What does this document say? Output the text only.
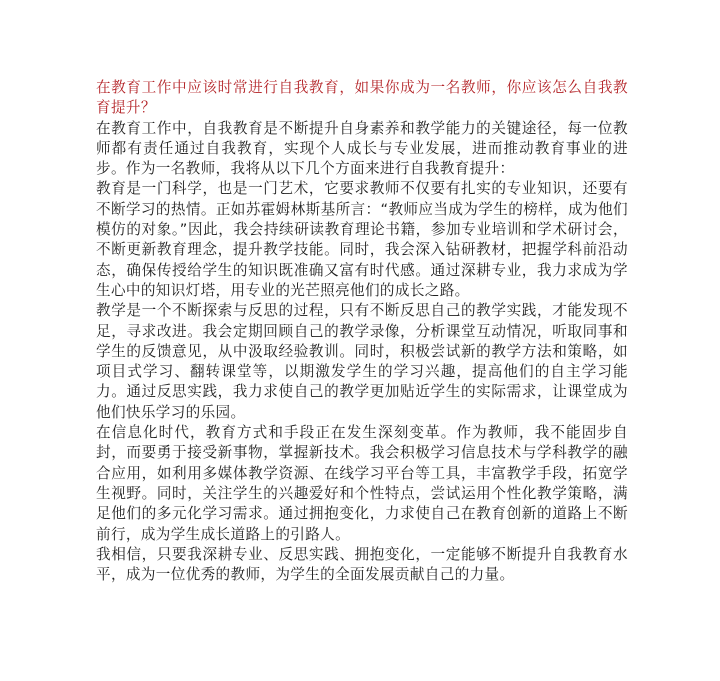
在教育工作中应该时常进行自我教育，如果你成为一名教师，你应该怎么自我教育提升？

在教育工作中，自我教育是不断提升自身素养和教学能力的关键途径，每一位教师都有责任通过自我教育，实现个人成长与专业发展，进而推动教育事业的进步。作为一名教师，我将从以下几个方面来进行自我教育提升：

教育是一门科学，也是一门艺术，它要求教师不仅要有扎实的专业知识，还要有不断学习的热情。正如苏霍姆林斯基所言：“教师应当成为学生的榜样，成为他们模仿的对象。”因此，我会持续研读教育理论书籍，参加专业培训和学术研讨会，不断更新教育理念，提升教学技能。同时，我会深入钻研教材，把握学科前沿动态，确保传授给学生的知识既准确又富有时代感。通过深耕专业，我力求成为学生心中的知识灯塔，用专业的光芒照亮他们的成长之路。

教学是一个不断探索与反思的过程，只有不断反思自己的教学实践，才能发现不足，寻求改进。我会定期回顾自己的教学录像，分析课堂互动情况，听取同事和学生的反馈意见，从中汲取经验教训。同时，积极尝试新的教学方法和策略，如项目式学习、翻转课堂等，以期激发学生的学习兴趣，提高他们的自主学习能力。通过反思实践，我力求使自己的教学更加贴近学生的实际需求，让课堂成为他们快乐学习的乐园。

在信息化时代，教育方式和手段正在发生深刻变革。作为教师，我不能固步自封，而要勇于接受新事物，掌握新技术。我会积极学习信息技术与学科教学的融合应用，如利用多媒体教学资源、在线学习平台等工具，丰富教学手段，拓宽学生视野。同时，关注学生的兴趣爱好和个性特点，尝试运用个性化教学策略，满足他们的多元化学习需求。通过拥抱变化，力求使自己在教育创新的道路上不断前行，成为学生成长道路上的引路人。

我相信，只要我深耕专业、反思实践、拥抱变化，一定能够不断提升自我教育水平，成为一位优秀的教师，为学生的全面发展贡献自己的力量。
